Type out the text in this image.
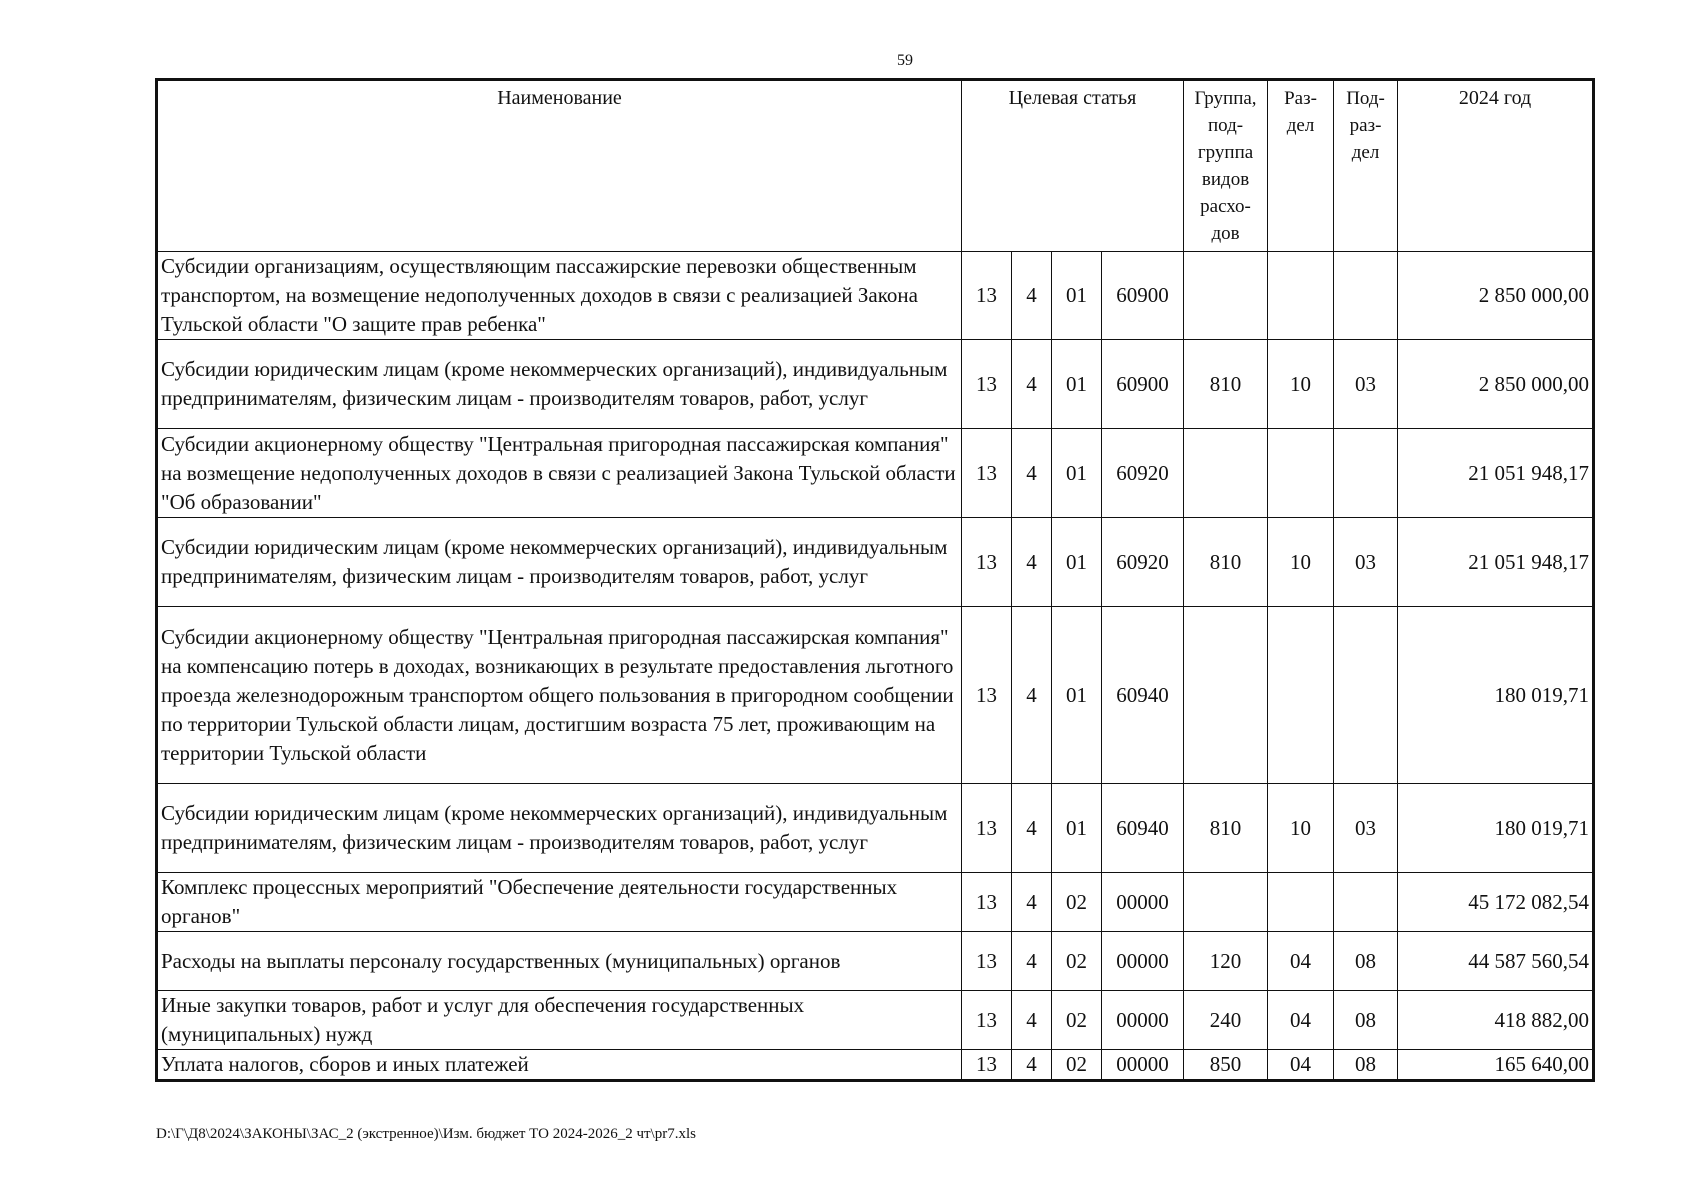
59
Наименование	Целевая статья				Группа, под-группа видов расхо-дов	Раз-дел	Под-раз-дел	2024 год
Субсидии организациям, осуществляющим пассажирские перевозки общественным транспортом, на возмещение недополученных доходов в связи с реализацией Закона Тульской области "О защите прав ребенка"	13	4	01	60900				2 850 000,00
Субсидии юридическим лицам (кроме некоммерческих организаций), индивидуальным предпринимателям, физическим лицам - производителям товаров, работ, услуг	13	4	01	60900	810	10	03	2 850 000,00
Субсидии акционерному обществу "Центральная пригородная пассажирская компания" на возмещение недополученных доходов в связи с реализацией Закона Тульской области "Об образовании"	13	4	01	60920				21 051 948,17
Субсидии юридическим лицам (кроме некоммерческих организаций), индивидуальным предпринимателям, физическим лицам - производителям товаров, работ, услуг	13	4	01	60920	810	10	03	21 051 948,17
Субсидии акционерному обществу "Центральная пригородная пассажирская компания" на компенсацию потерь в доходах, возникающих в результате предоставления льготного проезда железнодорожным транспортом общего пользования в пригородном сообщении по территории Тульской области лицам, достигшим возраста 75 лет, проживающим на территории Тульской области	13	4	01	60940				180 019,71
Субсидии юридическим лицам (кроме некоммерческих организаций), индивидуальным предпринимателям, физическим лицам - производителям товаров, работ, услуг	13	4	01	60940	810	10	03	180 019,71
Комплекс процессных мероприятий "Обеспечение деятельности государственных органов"	13	4	02	00000				45 172 082,54
Расходы на выплаты персоналу государственных (муниципальных) органов	13	4	02	00000	120	04	08	44 587 560,54
Иные закупки товаров, работ и услуг для обеспечения государственных (муниципальных) нужд	13	4	02	00000	240	04	08	418 882,00
Уплата налогов, сборов и иных платежей	13	4	02	00000	850	04	08	165 640,00
D:\Г\Д8\2024\ЗАКОНЫ\ЗАС_2 (экстренное)\Изм. бюджет ТО 2024-2026_2 чт\pr7.xls
